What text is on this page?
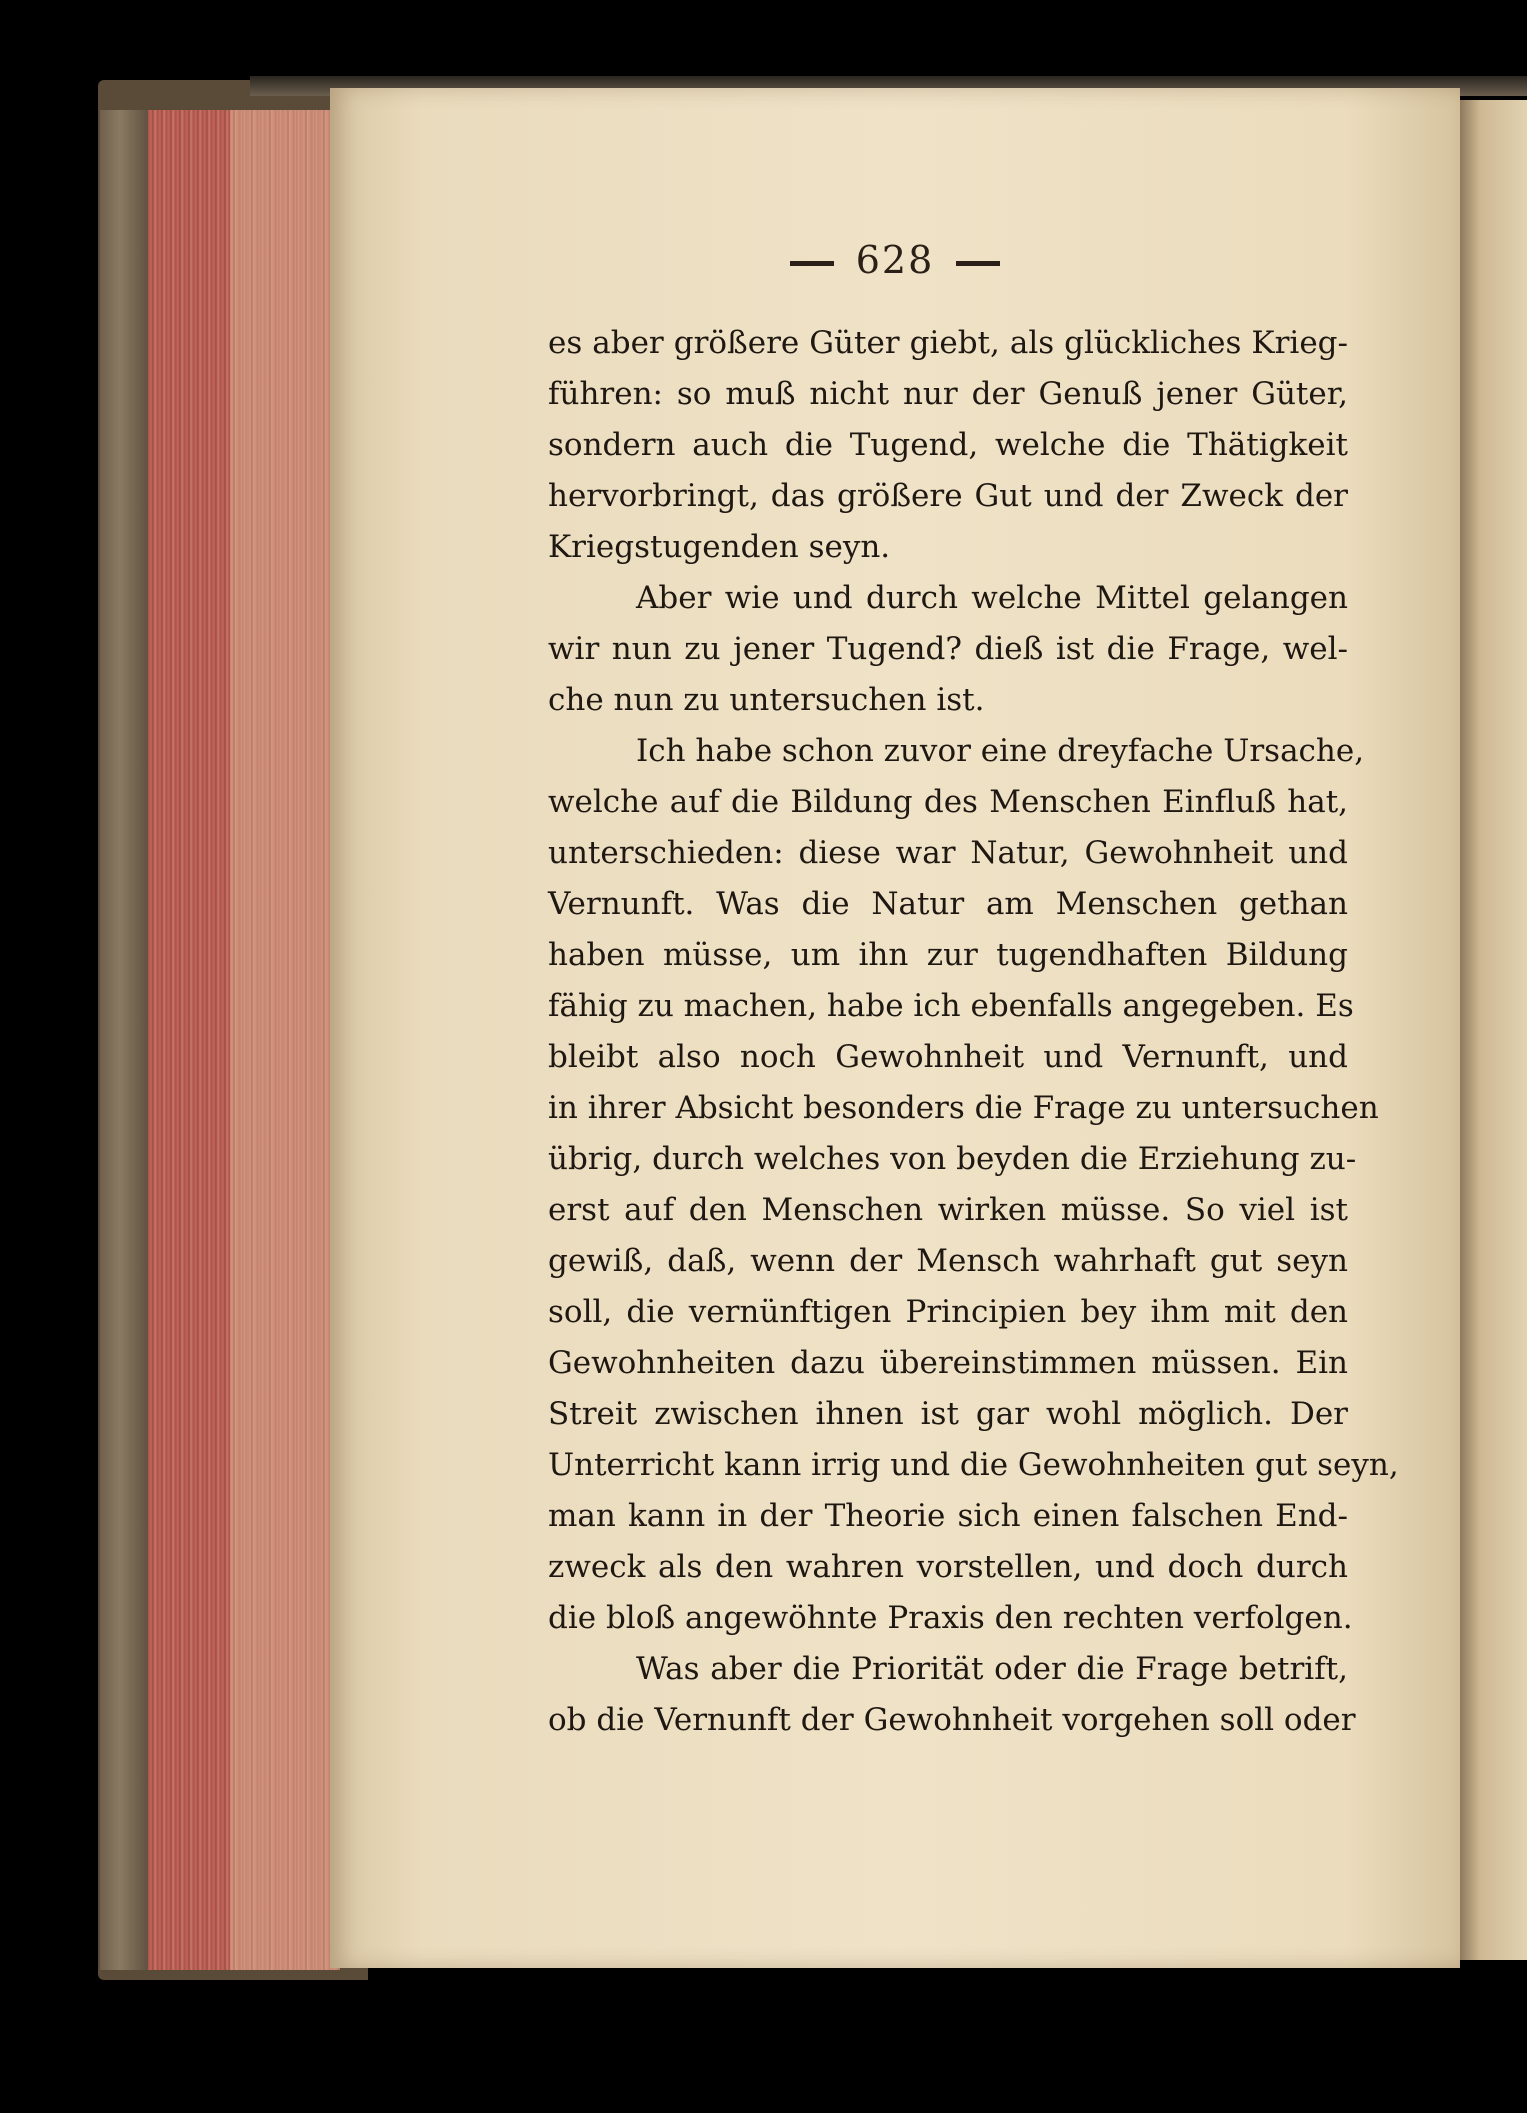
628
es aber größere Güter giebt, als glückliches Krieg-
führen: so muß nicht nur der Genuß jener Güter,
sondern auch die Tugend, welche die Thätigkeit
hervorbringt, das größere Gut und der Zweck der
Kriegstugenden seyn.
Aber wie und durch welche Mittel gelangen
wir nun zu jener Tugend? dieß ist die Frage, wel-
che nun zu untersuchen ist.
Ich habe schon zuvor eine dreyfache Ursache,
welche auf die Bildung des Menschen Einfluß hat,
unterschieden: diese war Natur, Gewohnheit und
Vernunft. Was die Natur am Menschen gethan
haben müsse, um ihn zur tugendhaften Bildung
fähig zu machen, habe ich ebenfalls angegeben. Es
bleibt also noch Gewohnheit und Vernunft, und
in ihrer Absicht besonders die Frage zu untersuchen
übrig, durch welches von beyden die Erziehung zu-
erst auf den Menschen wirken müsse. So viel ist
gewiß, daß, wenn der Mensch wahrhaft gut seyn
soll, die vernünftigen Principien bey ihm mit den
Gewohnheiten dazu übereinstimmen müssen. Ein
Streit zwischen ihnen ist gar wohl möglich. Der
Unterricht kann irrig und die Gewohnheiten gut seyn,
man kann in der Theorie sich einen falschen End-
zweck als den wahren vorstellen, und doch durch
die bloß angewöhnte Praxis den rechten verfolgen.
Was aber die Priorität oder die Frage betrift,
ob die Vernunft der Gewohnheit vorgehen soll oder
